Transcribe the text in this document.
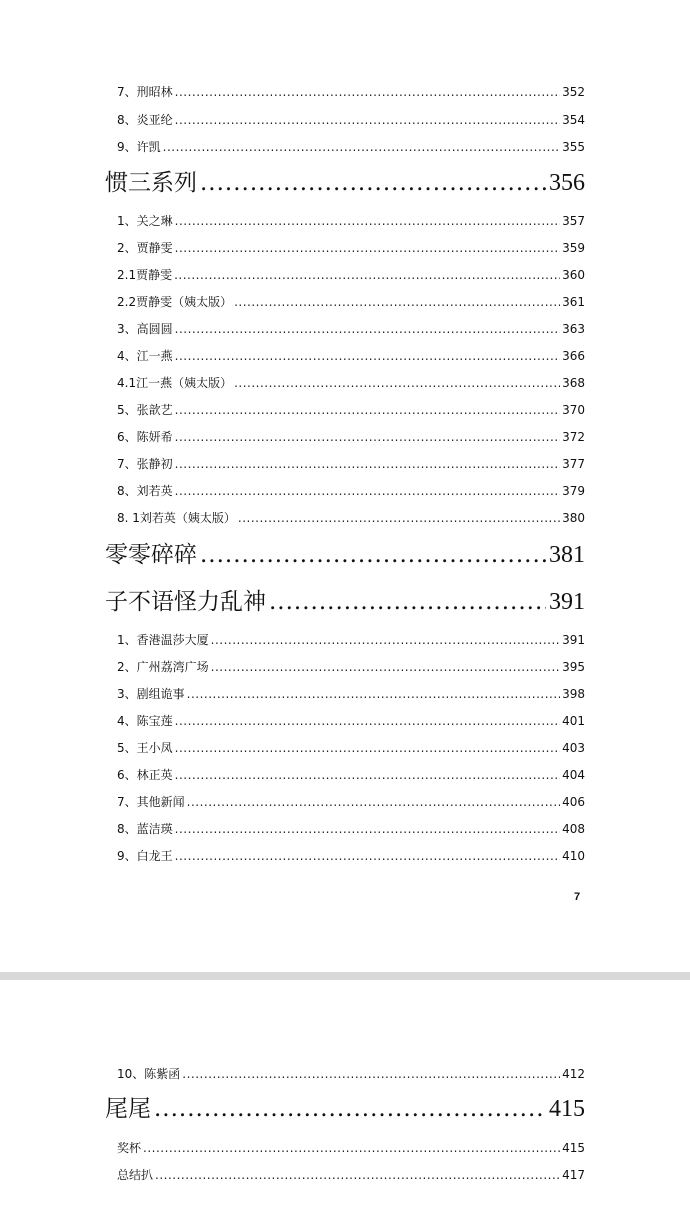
7、刑昭林 .....	352
8、炎亚纶 .....	354
9、许凯 .....	355
惯三系列 .....	356
1、关之琳 .....	357
2、贾静雯 .....	359
2.1贾静雯 .....	360
2.2贾静雯（姨太版） .....	361
3、高圆圆 .....	363
4、江一燕 .....	366
4.1江一燕（姨太版） .....	368
5、张歆艺 .....	370
6、陈妍希 .....	372
7、张静初 .....	377
8、刘若英 .....	379
8. 1刘若英（姨太版） .....	380
零零碎碎 .....	381
子不语怪力乱神 .....	391
1、香港温莎大厦 .....	391
2、广州荔湾广场 .....	395
3、剧组诡事 .....	398
4、陈宝莲 .....	401
5、王小凤 .....	403
6、林正英 .....	404
7、其他新闻 .....	406
8、蓝洁瑛 .....	408
9、白龙王 .....	410
7
10、陈紫函 .....	412
尾尾 .....	415
奖杯 .....	415
总结扒 .....	417
